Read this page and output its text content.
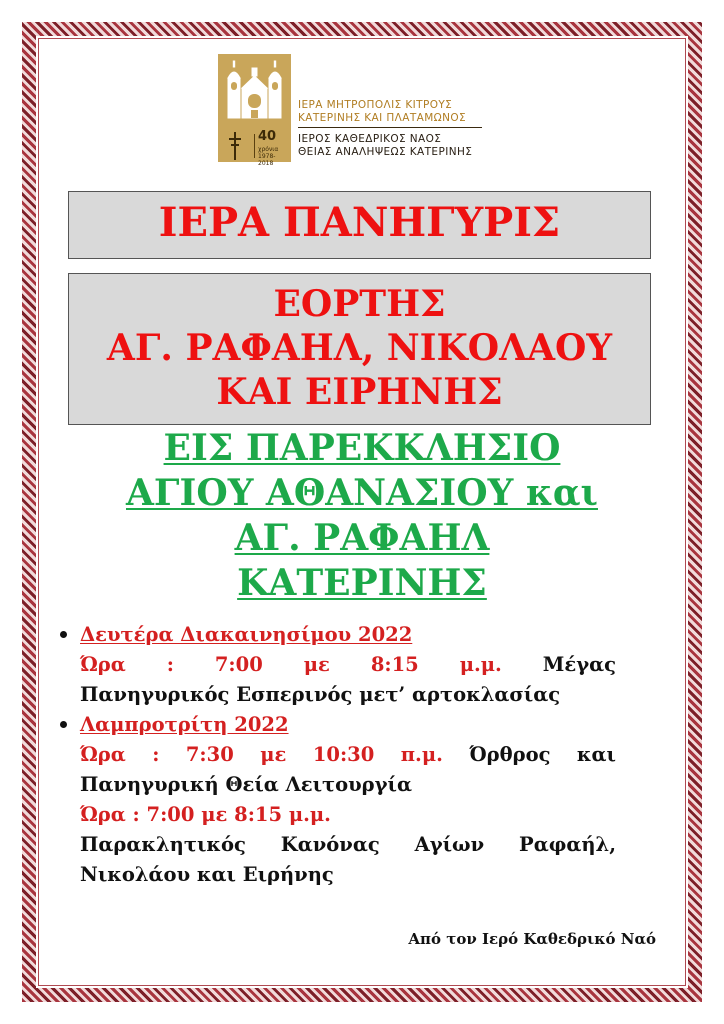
40
χρόνια 1978-2018
ΙΕΡΑ ΜΗΤΡΟΠΟΛΙΣ ΚΙΤΡΟΥΣ
ΚΑΤΕΡΙΝΗΣ ΚΑΙ ΠΛΑΤΑΜΩΝΟΣ
ΙΕΡΟΣ ΚΑΘΕΔΡΙΚΟΣ ΝΑΟΣ
ΘΕΙΑΣ ΑΝΑΛΗΨΕΩΣ ΚΑΤΕΡΙΝΗΣ
ΙΕΡΑ ΠΑΝΗΓΥΡΙΣ
ΕΟΡΤΗΣ
ΑΓ. ΡΑΦΑΗΛ, ΝΙΚΟΛΑΟΥ
ΚΑΙ ΕΙΡΗΝΗΣ
ΕΙΣ ΠΑΡΕΚΚΛΗΣΙΟ
ΑΓΙΟΥ ΑΘΑΝΑΣΙΟΥ και
ΑΓ. ΡΑΦΑΗΛ
ΚΑΤΕΡΙΝΗΣ
Δευτέρα Διακαινησίμου 2022
Ώρα : 7:00 με 8:15 μ.μ. Μέγας
Πανηγυρικός Εσπερινός μετ’ αρτοκλασίας
Λαμπροτρίτη 2022
Ώρα : 7:30 με 10:30 π.μ. Όρθρος και
Πανηγυρική Θεία Λειτουργία
Ώρα : 7:00 με 8:15 μ.μ.
Παρακλητικός Κανόνας Αγίων Ραφαήλ,
Νικολάου και Ειρήνης
Από τον Ιερό Καθεδρικό Ναό
